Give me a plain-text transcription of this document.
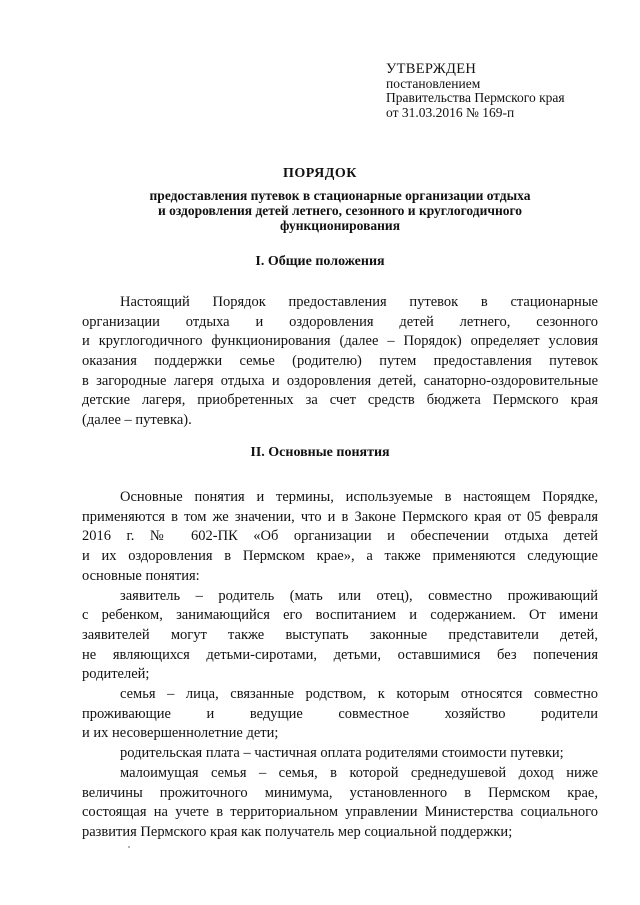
УТВЕРЖДЕН
постановлением
Правительства Пермского края
от 31.03.2016 № 169-п
ПОРЯДОК
предоставления путевок в стационарные организации отдыха
и оздоровления детей летнего, сезонного и круглогодичного
функционирования
I. Общие положения
Настоящий Порядок предоставления путевок в стационарные
организации отдыха и оздоровления детей летнего, сезонного
и круглогодичного функционирования (далее – Порядок) определяет условия
оказания поддержки семье (родителю) путем предоставления путевок
в загородные лагеря отдыха и оздоровления детей, санаторно-оздоровительные
детские лагеря, приобретенных за счет средств бюджета Пермского края
(далее – путевка).
II. Основные понятия
Основные понятия и термины, используемые в настоящем Порядке,
применяются в том же значении, что и в Законе Пермского края от 05 февраля
2016 г. № 602-ПК «Об организации и обеспечении отдыха детей
и их оздоровления в Пермском крае», а также применяются следующие
основные понятия:
заявитель – родитель (мать или отец), совместно проживающий
с ребенком, занимающийся его воспитанием и содержанием. От имени
заявителей могут также выступать законные представители детей,
не являющихся детьми-сиротами, детьми, оставшимися без попечения
родителей;
семья – лица, связанные родством, к которым относятся совместно
проживающие и ведущие совместное хозяйство родители
и их несовершеннолетние дети;
родительская плата – частичная оплата родителями стоимости путевки;
малоимущая семья – семья, в которой среднедушевой доход ниже
величины прожиточного минимума, установленного в Пермском крае,
состоящая на учете в территориальном управлении Министерства социального
развития Пермского края как получатель мер социальной поддержки;
